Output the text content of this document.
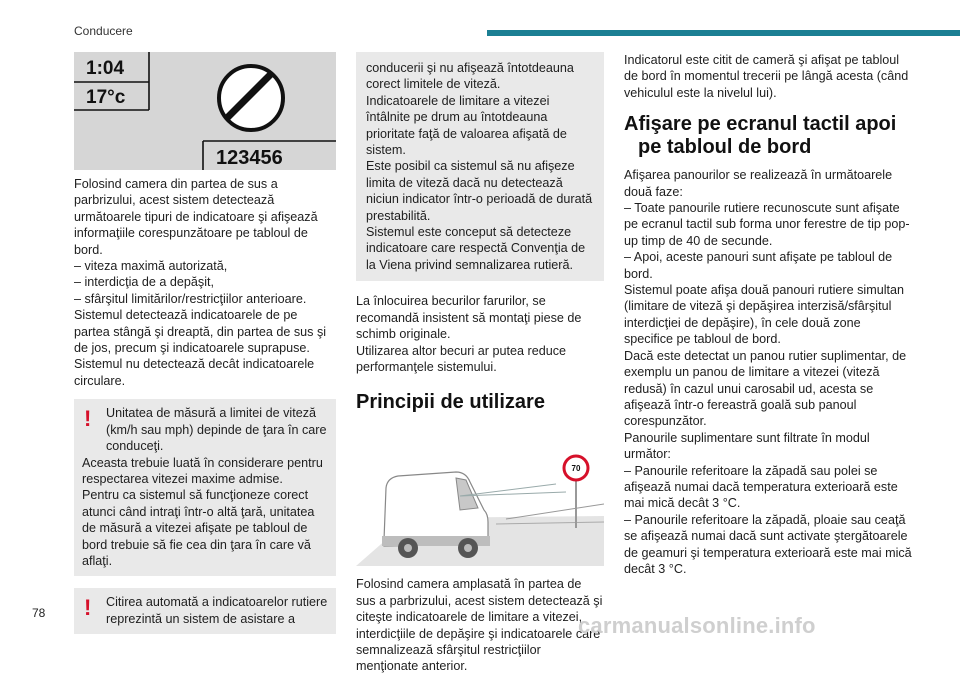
Conducere
1:04
17°c
123456

Folosind camera din partea de sus a parbrizului, acest sistem detectează următoarele tipuri de indicatoare şi afişează informaţiile corespunzătoare pe tabloul de bord.

– viteza maximă autorizată,

– interdicţia de a depăşit,

– sfârşitul limitărilor/restricţiilor anterioare.

Sistemul detectează indicatoarele de pe partea stângă şi dreaptă, din partea de sus şi de jos, precum şi indicatoarele suprapuse.

Sistemul nu detectează decât indicatoarele circulare.

!	Unitatea de măsură a limitei de viteză (km/h sau mph) depinde de ţara în care conduceţi.

Aceasta trebuie luată în considerare pentru respectarea vitezei maxime admise.

Pentru ca sistemul să funcţioneze corect atunci când intraţi într-o altă ţară, unitatea de măsură a vitezei afişate pe tabloul de bord trebuie să fie cea din ţara în care vă aflaţi.

!	Citirea automată a indicatoarelor rutiere reprezintă un sistem de asistare a

conducerii şi nu afişează întotdeauna corect limitele de viteză.

Indicatoarele de limitare a vitezei întâlnite pe drum au întotdeauna prioritate faţă de valoarea afişată de sistem.

Este posibil ca sistemul să nu afişeze limita de viteză dacă nu detectează niciun indicator într-o perioadă de durată prestabilită.

Sistemul este conceput să detecteze indicatoare care respectă Convenţia de la Viena privind semnalizarea rutieră.

La înlocuirea becurilor farurilor, se recomandă insistent să montaţi piese de schimb originale.

Utilizarea altor becuri ar putea reduce performanţele sistemului.

Principii de utilizare
70

Folosind camera amplasată în partea de sus a parbrizului, acest sistem detectează şi citeşte indicatoarele de limitare a vitezei, interdicţiile de depăşire şi indicatoarele care semnalizează sfârşitul restricţiilor menţionate anterior.

Indicatorul este citit de cameră şi afişat pe tabloul de bord în momentul trecerii pe lângă acesta (când vehiculul este la nivelul lui).

Afişare pe ecranul tactil apoi
pe tabloul de bord

Afişarea panourilor se realizează în următoarele două faze:

– Toate panourile rutiere recunoscute sunt afişate pe ecranul tactil sub forma unor ferestre de tip pop-up timp de 40 de secunde.

– Apoi, aceste panouri sunt afişate pe tabloul de bord.

Sistemul poate afişa două panouri rutiere simultan (limitare de viteză şi depăşirea interzisă/sfârşitul interdicţiei de depăşire), în cele două zone specifice pe tabloul de bord.

Dacă este detectat un panou rutier suplimentar, de exemplu un panou de limitare a vitezei (viteză redusă) în cazul unui carosabil ud, acesta se afişează într-o fereastră goală sub panoul corespunzător.

Panourile suplimentare sunt filtrate în modul următor:

– Panourile referitoare la zăpadă sau polei se afişează numai dacă temperatura exterioară este mai mică decât 3 °C.

– Panourile referitoare la zăpadă, ploaie sau ceaţă se afişează numai dacă sunt activate ştergătoarele de geamuri şi temperatura exterioară este mai mică decât 3 °C.

78	carmanualsonline.info
